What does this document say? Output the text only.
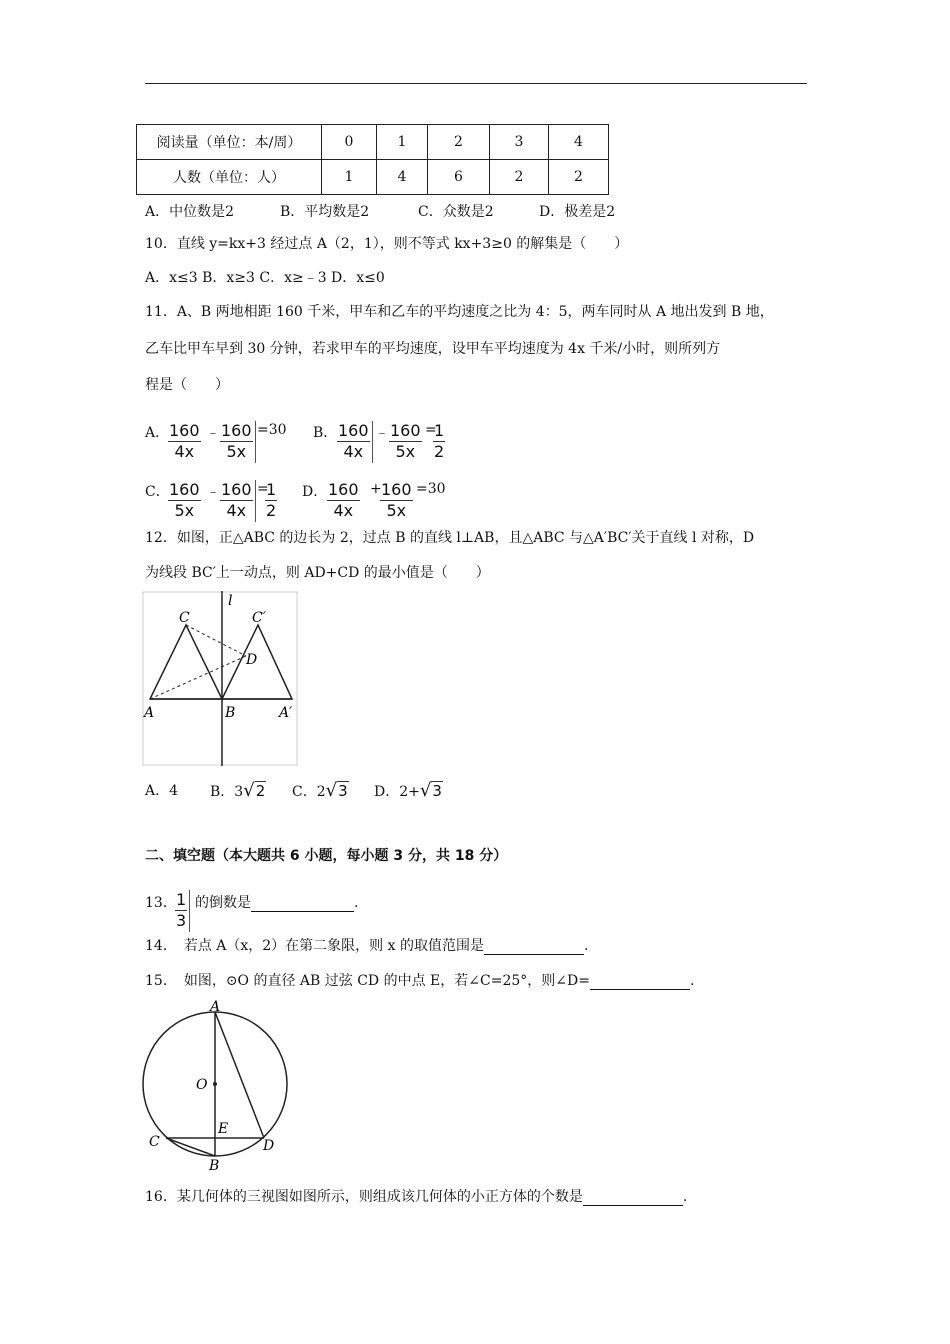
阅读量（单位：本/周）	0	1	2	3	4
人数（单位：人）	1	4	6	2	2
A．中位数是2	B．平均数是2	C．众数是2	D．极差是2
10．直线 y=kx+3 经过点 A（2，1），则不等式 kx+3≥0 的解集是（　　）
A．x≤3 B．x≥3 C．x≥﹣3 D．x≤0
11．A、B 两地相距 160 千米，甲车和乙车的平均速度之比为 4：5，两车同时从 A 地出发到 B 地，
乙车比甲车早到 30 分钟，若求甲车的平均速度，设甲车平均速度为 4x 千米/小时，则所列方
程是（　　）
A．
$\frac{160}{4x}$ ﹣ $\frac{160}{5x} =30$ B． $\frac{160}{4x}$ ﹣ $\frac{160}{5x}$ =
$\frac{1}{2}$
C．
$\frac{160}{5x}$ ﹣ $\frac{160}{4x}$ =
$\frac{1}{2}$ D． $\frac{160}{4x}$ +
$\frac{160}{5x} =30$
12．如图，正△ABC 的边长为 2，过点 B 的直线 l⊥AB，且△ABC 与△A′BC′关于直线 l 对称，D
为线段 BC′上一动点，则 AD+CD 的最小值是（　　）
l
C	C′
D
A	B	A′
A．4 B．3√2 C．2√3 D．2+√3
二、填空题（本大题共 6 小题，每小题 3 分，共 18 分）
13．
$\frac{1}{3}$ 的倒数是	.
14．　若点 A（x，2）在第二象限，则 x 的取值范围是	.
15．　如图，⊙O 的直径 AB 过弦 CD 的中点 E，若∠C=25°，则∠D=	.
A
O
E
C	D
B
16．某几何体的三视图如图所示，则组成该几何体的小正方体的个数是	.
